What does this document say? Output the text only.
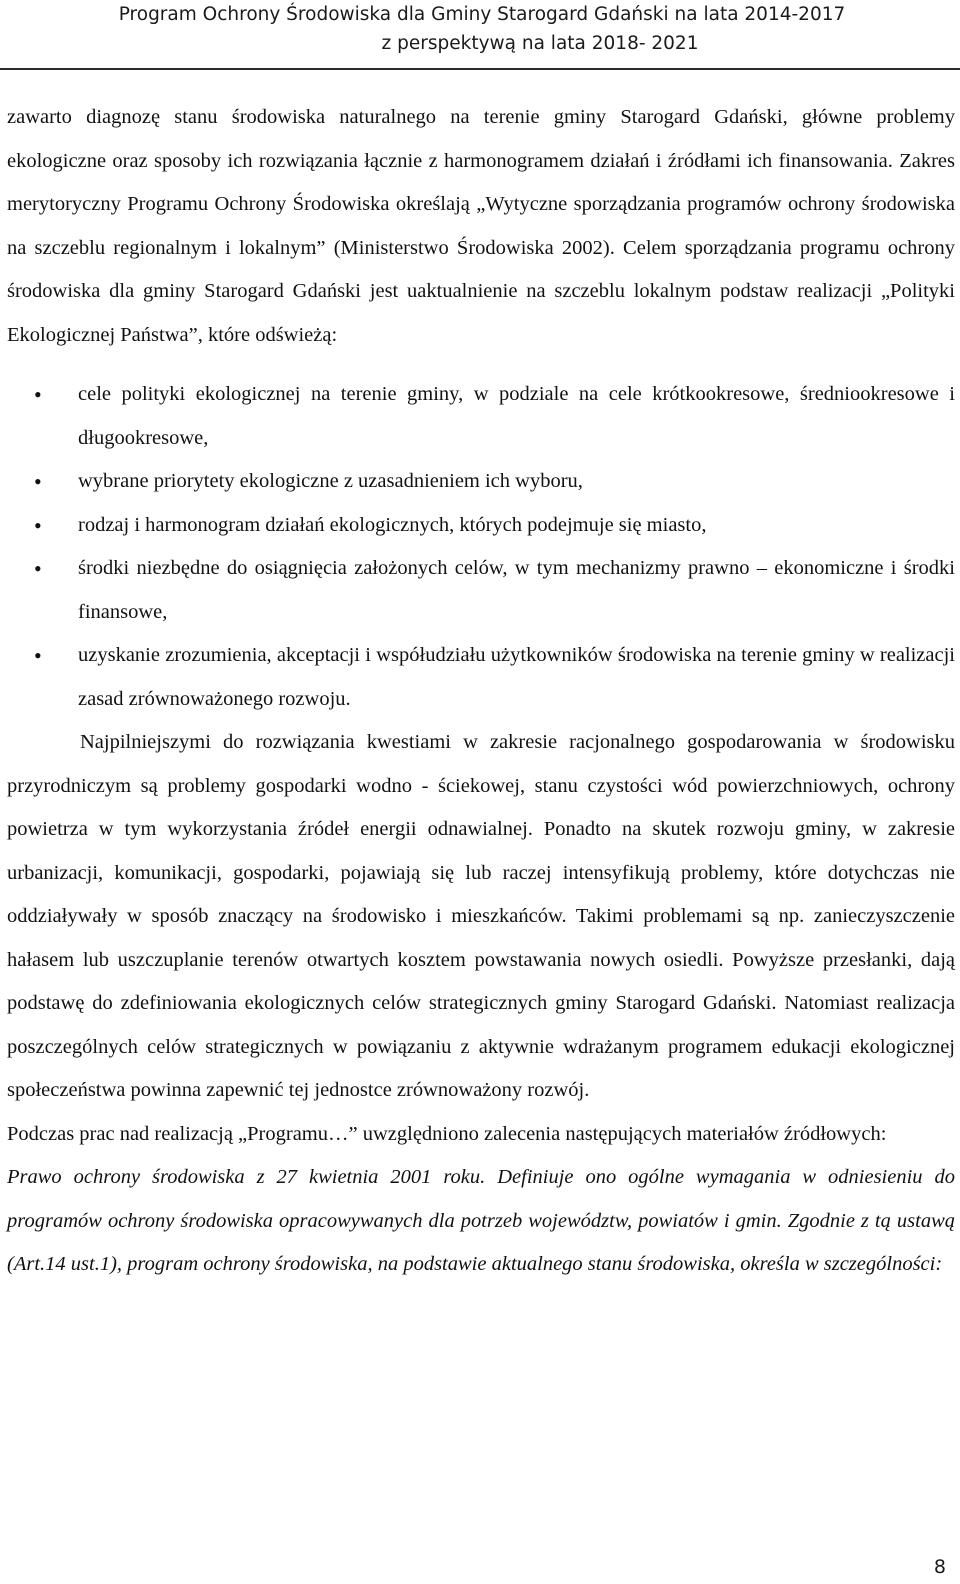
Program Ochrony Środowiska dla Gminy Starogard Gdański na lata 2014-2017
z perspektywą na lata 2018- 2021

zawarto diagnozę stanu środowiska naturalnego na terenie gminy Starogard Gdański, główne problemy ekologiczne oraz sposoby ich rozwiązania łącznie z harmonogramem działań i źródłami ich finansowania. Zakres merytoryczny Programu Ochrony Środowiska określają „Wytyczne sporządzania programów ochrony środowiska na szczeblu regionalnym i lokalnym” (Ministerstwo Środowiska 2002). Celem sporządzania programu ochrony środowiska dla gminy Starogard Gdański jest uaktualnienie na szczeblu lokalnym podstaw realizacji „Polityki Ekologicznej Państwa”, które odświeżą:

• cele polityki ekologicznej na terenie gminy, w podziale na cele krótkookresowe, średniookresowe i długookresowe,
• wybrane priorytety ekologiczne z uzasadnieniem ich wyboru,
• rodzaj i harmonogram działań ekologicznych, których podejmuje się miasto,
• środki niezbędne do osiągnięcia założonych celów, w tym mechanizmy prawno – ekonomiczne i środki finansowe,
• uzyskanie zrozumienia, akceptacji i współudziału użytkowników środowiska na terenie gminy w realizacji zasad zrównoważonego rozwoju.

Najpilniejszymi do rozwiązania kwestiami w zakresie racjonalnego gospodarowania w środowisku przyrodniczym są problemy gospodarki wodno - ściekowej, stanu czystości wód powierzchniowych, ochrony powietrza w tym wykorzystania źródeł energii odnawialnej. Ponadto na skutek rozwoju gminy, w zakresie urbanizacji, komunikacji, gospodarki, pojawiają się lub raczej intensyfikują problemy, które dotychczas nie oddziaływały w sposób znaczący na środowisko i mieszkańców. Takimi problemami są np. zanieczyszczenie hałasem lub uszczuplanie terenów otwartych kosztem powstawania nowych osiedli. Powyższe przesłanki, dają podstawę do zdefiniowania ekologicznych celów strategicznych gminy Starogard Gdański. Natomiast realizacja poszczególnych celów strategicznych w powiązaniu z aktywnie wdrażanym programem edukacji ekologicznej społeczeństwa powinna zapewnić tej jednostce zrównoważony rozwój.

Podczas prac nad realizacją „Programu…” uwzględniono zalecenia następujących materiałów źródłowych:

Prawo ochrony środowiska z 27 kwietnia 2001 roku. Definiuje ono ogólne wymagania w odniesieniu do programów ochrony środowiska opracowywanych dla potrzeb województw, powiatów i gmin. Zgodnie z tą ustawą (Art.14 ust.1), program ochrony środowiska, na podstawie aktualnego stanu środowiska, określa w szczególności:

8
